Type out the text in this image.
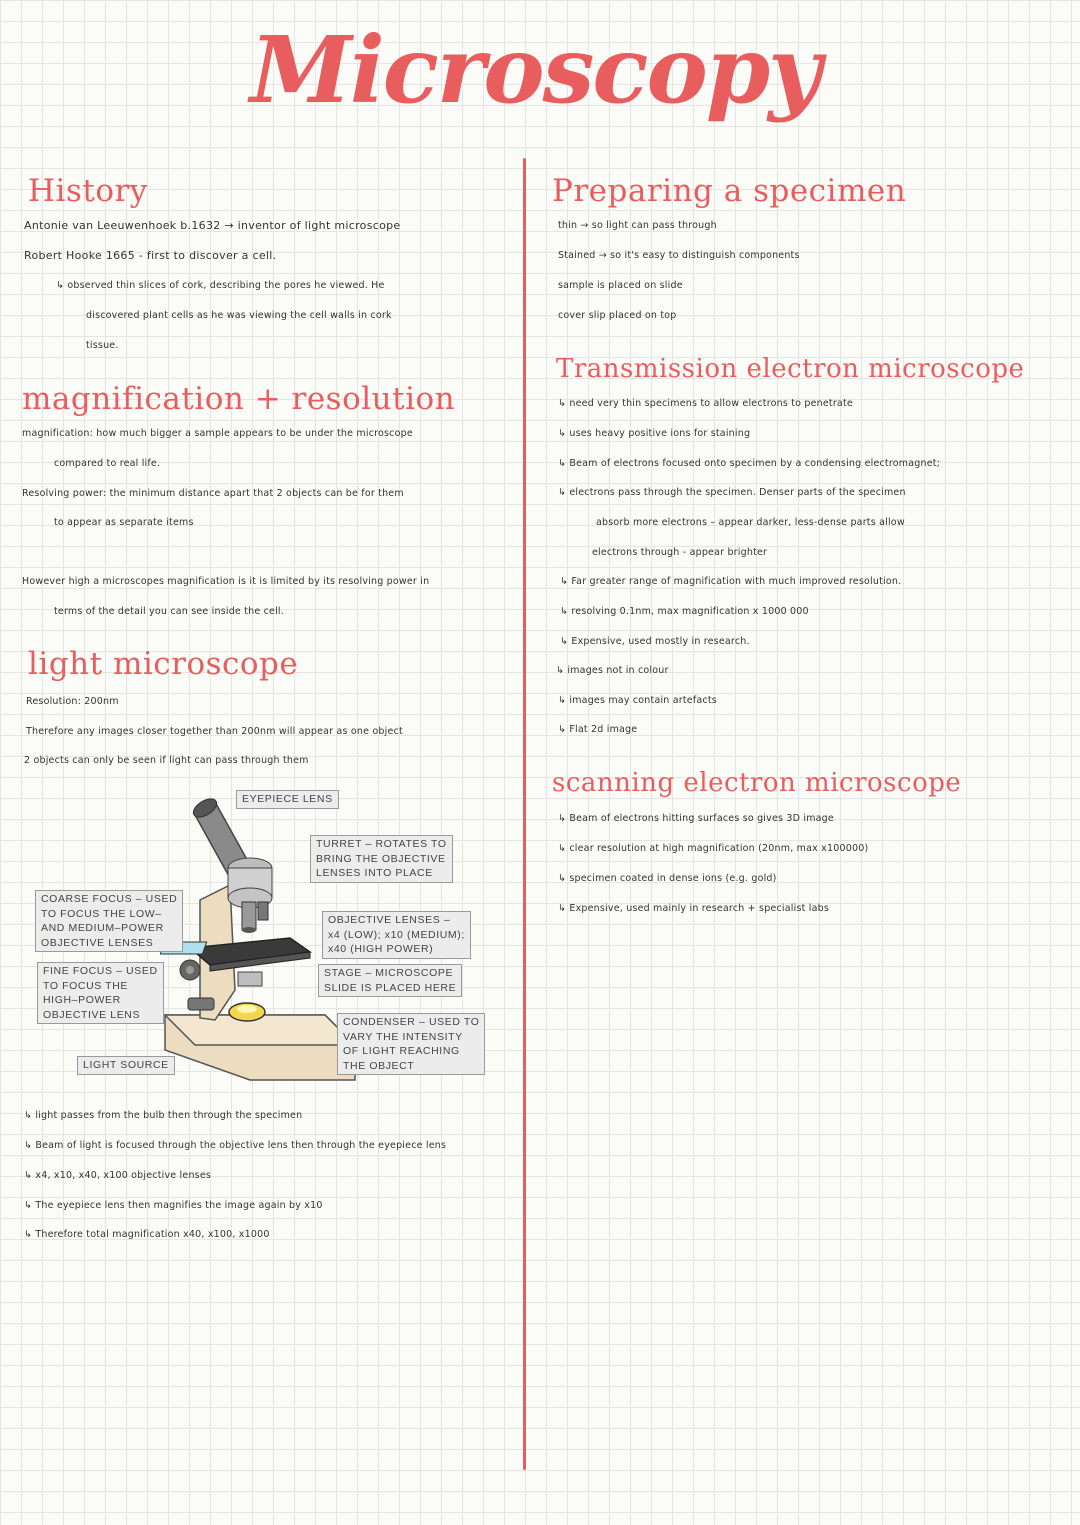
Microscopy
History
Antonie van Leeuwenhoek b.1632 → inventor of light microscope
Robert Hooke 1665 - first to discover a cell.
↳ observed thin slices of cork, describing the pores he viewed. He
discovered plant cells as he was viewing the cell walls in cork
tissue.
magnification + resolution
magnification: how much bigger a sample appears to be under the microscope
compared to real life.
Resolving power: the minimum distance apart that 2 objects can be for them
to appear as separate items
However high a microscopes magnification is it is limited by its resolving power in
terms of the detail you can see inside the cell.
light microscope
Resolution: 200nm
Therefore any images closer together than 200nm will appear as one object
2 objects can only be seen if light can pass through them
EYEPIECE LENS
TURRET – ROTATES TO
BRING THE OBJECTIVE
LENSES INTO PLACE
COARSE FOCUS – USED
TO FOCUS THE LOW–
AND MEDIUM–POWER
OBJECTIVE LENSES
OBJECTIVE LENSES –
x4 (LOW); x10 (MEDIUM);
x40 (HIGH POWER)
FINE FOCUS – USED
TO FOCUS THE
HIGH–POWER
OBJECTIVE LENS
STAGE – MICROSCOPE
SLIDE IS PLACED HERE
CONDENSER – USED TO
VARY THE INTENSITY
OF LIGHT REACHING
THE OBJECT
LIGHT SOURCE
↳ light passes from the bulb then through the specimen
↳ Beam of light is focused through the objective lens then through the eyepiece lens
↳ x4, x10, x40, x100 objective lenses
↳ The eyepiece lens then magnifies the image again by x10
↳ Therefore total magnification x40, x100, x1000
Preparing a specimen
thin → so light can pass through
Stained → so it's easy to distinguish components
sample is placed on slide
cover slip placed on top
Transmission electron microscope
↳ need very thin specimens to allow electrons to penetrate
↳ uses heavy positive ions for staining
↳ Beam of electrons focused onto specimen by a condensing electromagnet;
↳ electrons pass through the specimen. Denser parts of the specimen
absorb more electrons – appear darker, less-dense parts allow
electrons through - appear brighter
↳ Far greater range of magnification with much improved resolution.
↳ resolving 0.1nm, max magnification x 1000 000
↳ Expensive, used mostly in research.
↳ images not in colour
↳ images may contain artefacts
↳ Flat 2d image
scanning electron microscope
↳ Beam of electrons hitting surfaces so gives 3D image
↳ clear resolution at high magnification (20nm, max x100000)
↳ specimen coated in dense ions (e.g. gold)
↳ Expensive, used mainly in research + specialist labs
